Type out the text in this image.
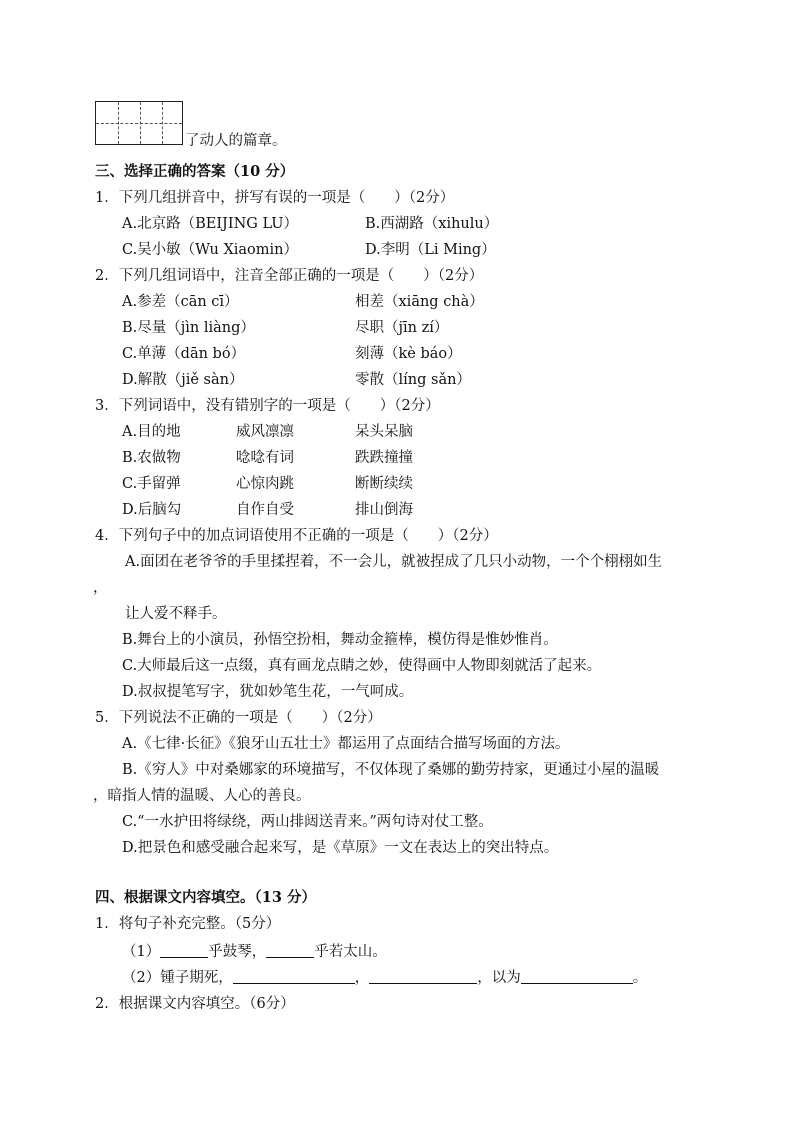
了动人的篇章。
三、选择正确的答案（10 分）
1．下列几组拼音中，拼写有误的一项是（　　）（2分）
A.北京路（BEIJING LU）	B.西湖路（xihulu）
C.吴小敏（Wu Xiaomin）	D.李明（Li Ming）
2．下列几组词语中，注音全部正确的一项是（　　）（2分）
A.参差（cān cī）	相差（xiāng chà）
B.尽量（jìn liàng）	尽职（jīn zí）
C.单薄（dān bó）	刻薄（kè báo）
D.解散（jiě sàn）	零散（líng sǎn）
3．下列词语中，没有错别字的一项是（　　）（2分）
A.目的地	威风凛凛	呆头呆脑
B.农做物	唸唸有词	跌跌撞撞
C.手留弹	心惊肉跳	断断续续
D.后脑勾	自作自受	排山倒海
4．下列句子中的加点词语使用不正确的一项是（　　）（2分）
A.面团在老爷爷的手里揉捏着，不一会儿，就被捏成了几只小动物，一个个栩栩如生
，
让人爱不释手。
B.舞台上的小演员，孙悟空扮相，舞动金箍棒，模仿得是惟妙惟肖。
C.大师最后这一点缀，真有画龙点睛之妙，使得画中人物即刻就活了起来。
D.叔叔提笔写字，犹如妙笔生花，一气呵成。
5．下列说法不正确的一项是（　　）（2分）
A.《七律·长征》《狼牙山五壮士》都运用了点面结合描写场面的方法。
B.《穷人》中对桑娜家的环境描写，不仅体现了桑娜的勤劳持家，更通过小屋的温暖
，暗指人情的温暖、人心的善良。
C.“一水护田将绿绕，两山排闼送青来。”两句诗对仗工整。
D.把景色和感受融合起来写，是《草原》一文在表达上的突出特点。
四、根据课文内容填空。（13 分）
1．将句子补充完整。（5分）
（1）	乎鼓琴，	乎若太山。
（2）锺子期死，	，	，以为	。
2．根据课文内容填空。（6分）
